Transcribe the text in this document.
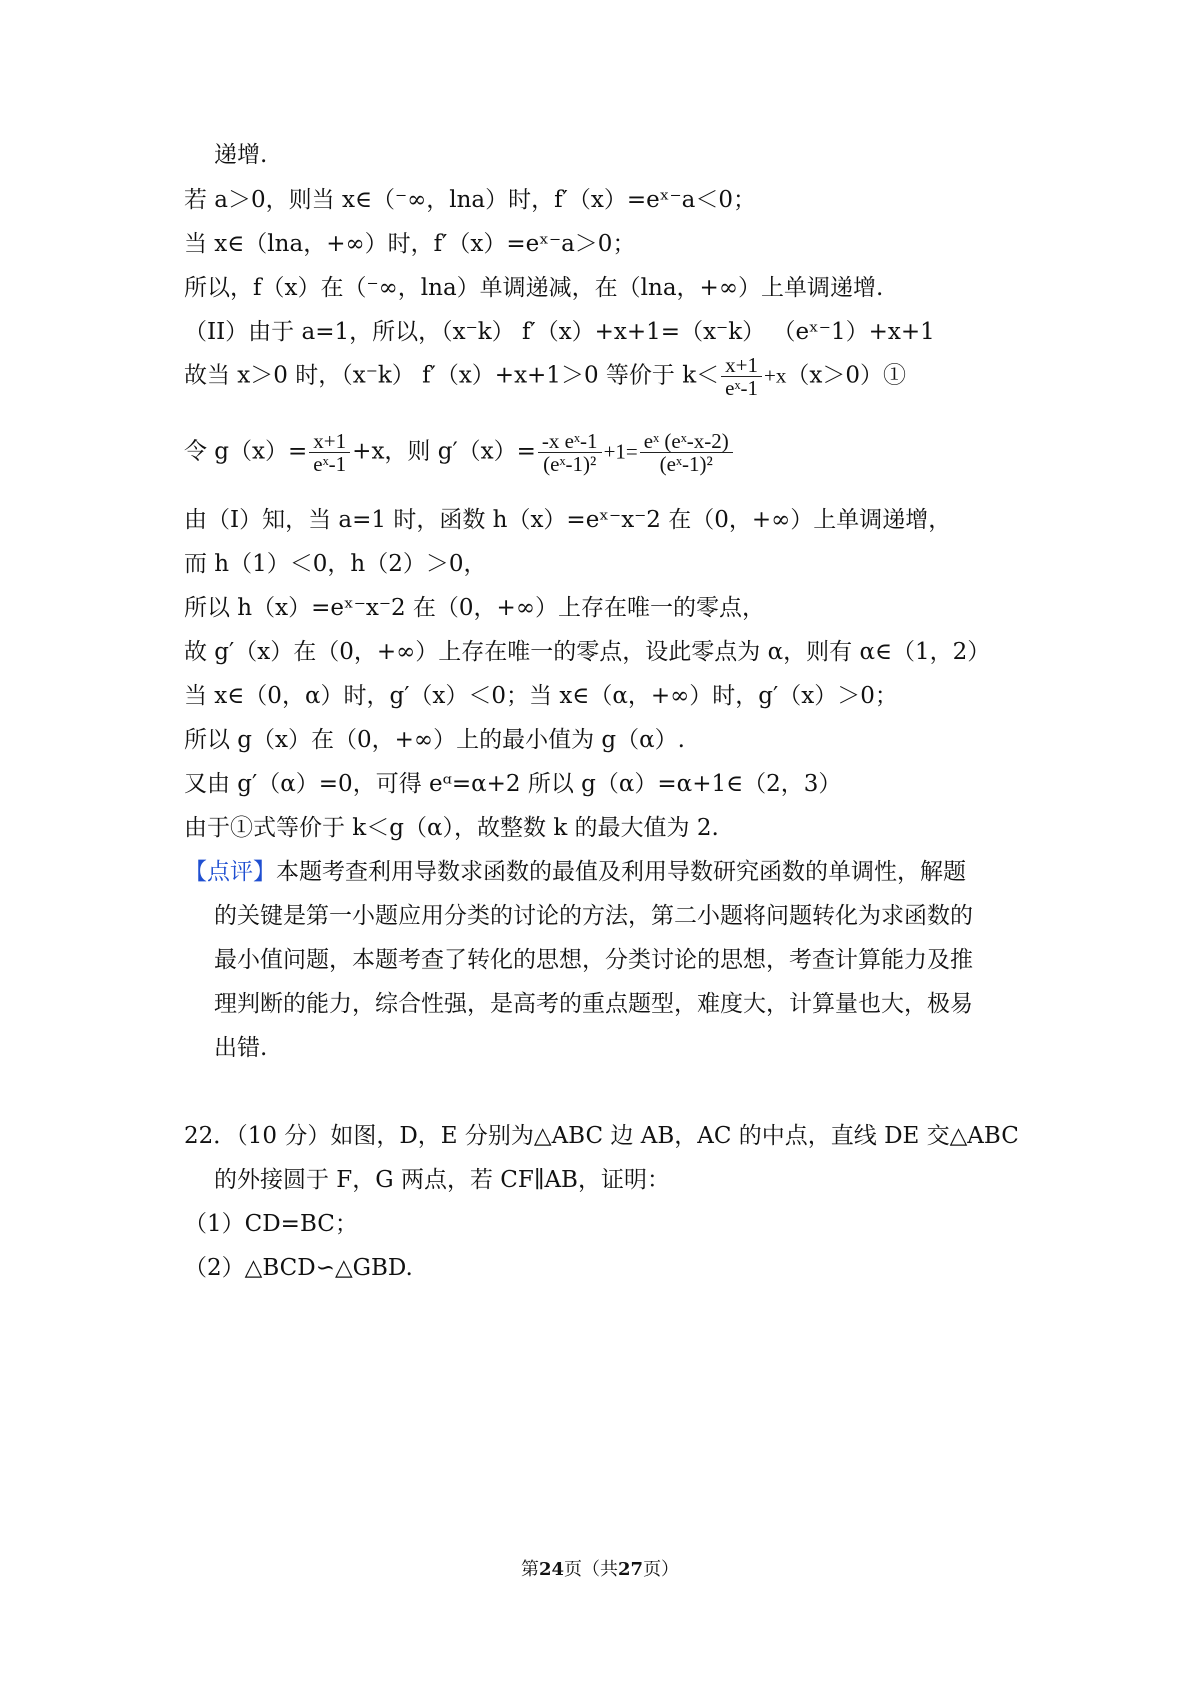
递增.
若 a＞0，则当 x∈（⁻∞，lna）时，f′（x）=eˣ⁻a＜0；
当 x∈（lna，+∞）时，f′（x）=eˣ⁻a＞0；
所以，f（x）在（⁻∞，lna）单调递减，在（lna，+∞）上单调递增.
（II）由于 a=1，所以，（x⁻k） f′（x）+x+1=（x⁻k） （eˣ⁻1）+x+1
故当 x＞0 时，（x⁻k） f′（x）+x+1＞0 等价于 $k< \frac{x+1}{\text{eˣ-1}}$ +x（x＞0）①
令 $g(x)= \frac{x+1}{\text{eˣ-1}} +x$，则 $g'(x)= \frac{\text{-x eˣ-1}}{\text{(eˣ-1)²}} +1= \frac{\text{eˣ (eˣ-x-2)}}{\text{(eˣ-1)²}}$
由（I）知，当 a=1 时，函数 h（x）=eˣ⁻x⁻2 在（0，+∞）上单调递增，
而 h（1）＜0，h（2）＞0，
所以 h（x）=eˣ⁻x⁻2 在（0，+∞）上存在唯一的零点，
故 g′（x）在（0，+∞）上存在唯一的零点，设此零点为 α，则有 α∈（1，2）
当 x∈（0，α）时，g′（x）＜0；当 x∈（α，+∞）时，g′（x）＞0；
所以 g（x）在（0，+∞）上的最小值为 g（α）.
又由 g′（α）=0，可得 eᵅ=α+2 所以 g（α）=α+1∈（2，3）
由于①式等价于 k＜g（α），故整数 k 的最大值为 2.
【点评】本题考查利用导数求函数的最值及利用导数研究函数的单调性，解题
的关键是第一小题应用分类的讨论的方法，第二小题将问题转化为求函数的
最小值问题，本题考查了转化的思想，分类讨论的思想，考查计算能力及推
理判断的能力，综合性强，是高考的重点题型，难度大，计算量也大，极易
出错.
22．（10 分）如图，D，E 分别为△ABC 边 AB，AC 的中点，直线 DE 交△ABC
的外接圆于 F，G 两点，若 CF∥AB，证明：
（1）CD=BC；
（2）△BCD∽△GBD.
第24页（共27页）
